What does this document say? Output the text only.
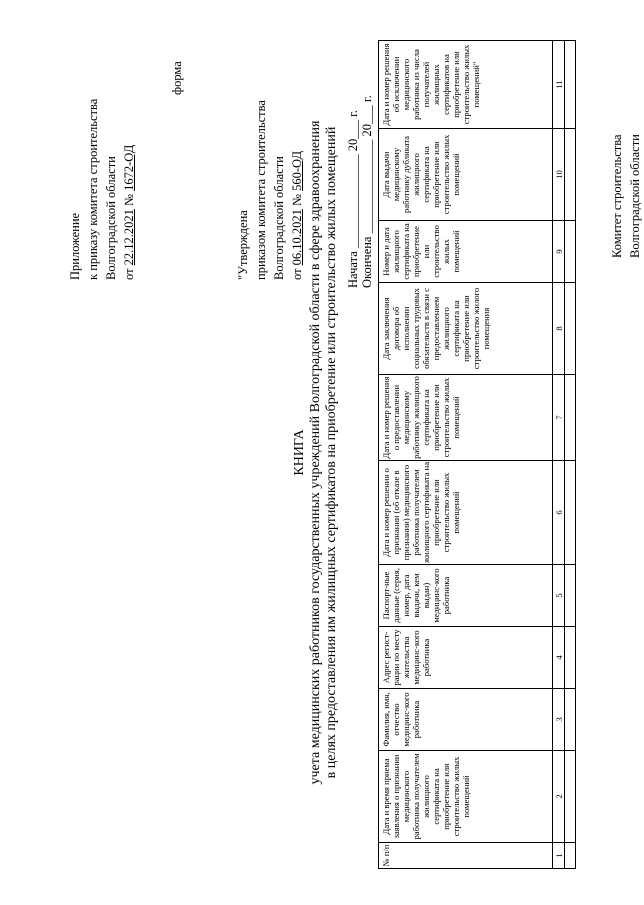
Приложение к приказу комитета строительства Волгоградской области от 22.12.2021 № 1672-ОД
форма
"Утверждена приказом комитета строительства Волгоградской области от 06.10.2021 № 560-ОД
КНИГА учета медицинских работников государственных учреждений Волгоградской области в сфере здравоохранения в целях предоставления им жилищных сертификатов на приобретение или строительство жилых помещений Начата _______________ 20___ г. Окончена _______________ 20___ г.
№ п/п	Дата и время приема заявления о признании медицинского работника получателем жилищного сертификата на приобретение или строительство жилых помещений	Фамилия, имя, отчество медицинс-кого работника	Адрес регист-рации по месту жительства медицинс-кого работника	Паспорт-ные данные (серия, номер, дата выдачи, кем выдан) медицинс-кого работника	Дата и номер решения о признании (об отказе в признании) медицинского работника получателем жилищного сертификата на приобретение или строительство жилых помещений	Дата и номер решения о предоставлении медицинскому работнику жилищного сертификата на приобретение или строительство жилых помещений	Дата заключения договора об исполнении социальных трудовых обязательств в связи с предоставлением жилищного сертификата на приобретение или строительство жилого помещения	Номер и дата жилищного сертификата на приобретение или строительство жилых помещений	Дата выдачи медицинскому работнику дубликата жилищного сертификата на приобретение или строительство жилых помещений	Дата и номер решения об исключении медицинского работника из числа получателей жилищных сертификатов на приобретение или строительство жилых помещений"
1	2	3	4	5	6	7	8	9	10	11

Комитет строительства Волгоградской области
